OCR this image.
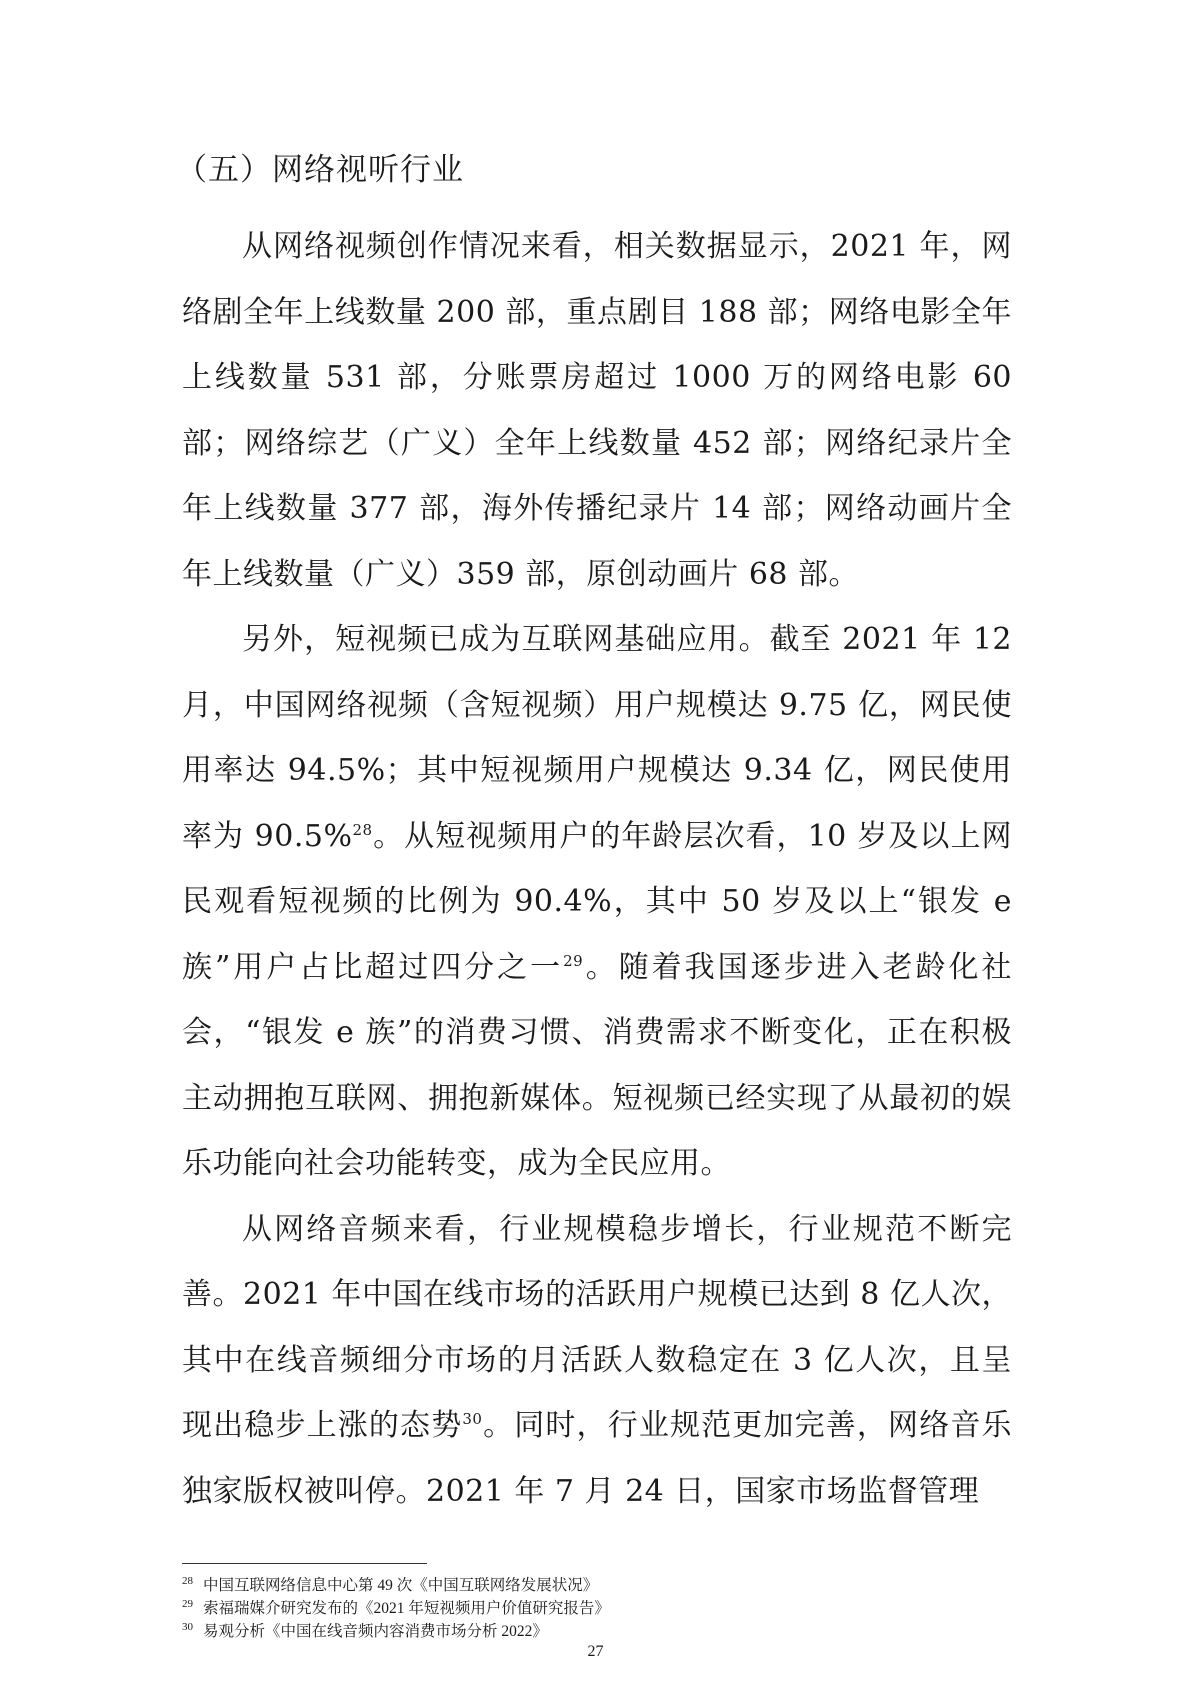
（五）网络视听行业

从网络视频创作情况来看，相关数据显示，2021 年，网络剧全年上线数量 200 部，重点剧目 188 部；网络电影全年上线数量 531 部，分账票房超过 1000 万的网络电影 60 部；网络综艺（广义）全年上线数量 452 部；网络纪录片全年上线数量 377 部，海外传播纪录片 14 部；网络动画片全年上线数量（广义）359 部，原创动画片 68 部。

另外，短视频已成为互联网基础应用。截至 2021 年 12 月，中国网络视频（含短视频）用户规模达 9.75 亿，网民使用率达 94.5%；其中短视频用户规模达 9.34 亿，网民使用率为 90.5%$^{28}$。从短视频用户的年龄层次看，10 岁及以上网民观看短视频的比例为 90.4%，其中 50 岁及以上“银发 e 族”用户占比超过四分之一$^{29}$。随着我国逐步进入老龄化社会，“银发 e 族”的消费习惯、消费需求不断变化，正在积极主动拥抱互联网、拥抱新媒体。短视频已经实现了从最初的娱乐功能向社会功能转变，成为全民应用。

从网络音频来看，行业规模稳步增长，行业规范不断完善。2021 年中国在线市场的活跃用户规模已达到 8 亿人次，其中在线音频细分市场的月活跃人数稳定在 3 亿人次，且呈现出稳步上涨的态势$^{30}$。同时，行业规范更加完善，网络音乐独家版权被叫停。2021 年 7 月 24 日，国家市场监督管理

$^{28}$ 中国互联网络信息中心第 49 次《中国互联网络发展状况》
$^{29}$ 索福瑞媒介研究发布的《2021 年短视频用户价值研究报告》
$^{30}$ 易观分析《中国在线音频内容消费市场分析 2022》
27
